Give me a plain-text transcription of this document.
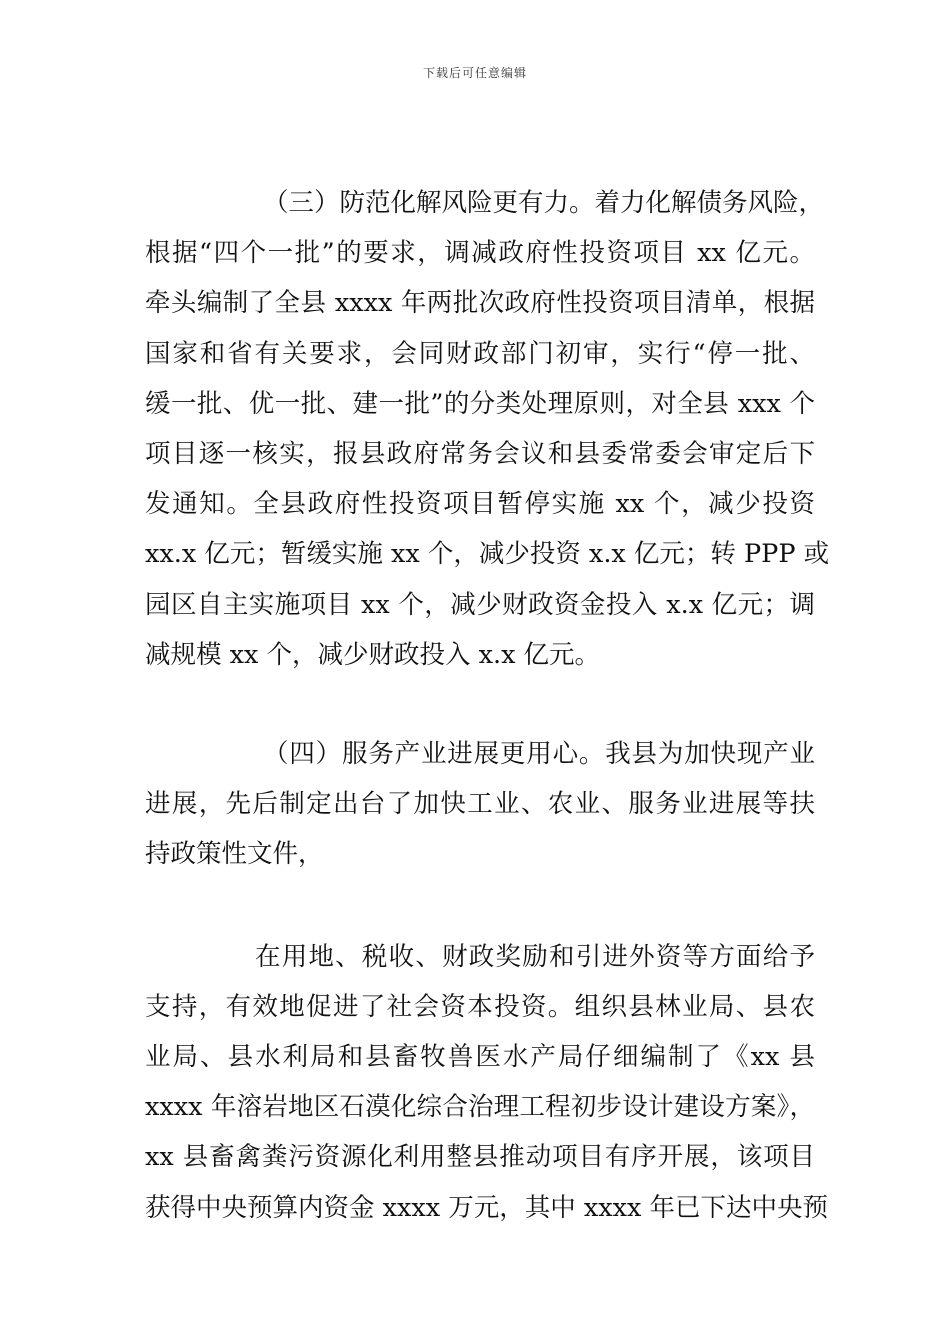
下载后可任意编辑
（三）防范化解风险更有力。着力化解债务风险，
根据“四个一批”的要求，调减政府性投资项目 xx 亿元。
牵头编制了全县 xxxx 年两批次政府性投资项目清单，根据
国家和省有关要求，会同财政部门初审，实行“停一批、
缓一批、优一批、建一批”的分类处理原则，对全县 xxx 个
项目逐一核实，报县政府常务会议和县委常委会审定后下
发通知。全县政府性投资项目暂停实施 xx 个，减少投资
xx.x 亿元；暂缓实施 xx 个，减少投资 x.x 亿元；转 PPP 或
园区自主实施项目 xx 个，减少财政资金投入 x.x 亿元；调
减规模 xx 个，减少财政投入 x.x 亿元。
（四）服务产业进展更用心。我县为加快现产业
进展，先后制定出台了加快工业、农业、服务业进展等扶
持政策性文件，
在用地、税收、财政奖励和引进外资等方面给予
支持，有效地促进了社会资本投资。组织县林业局、县农
业局、县水利局和县畜牧兽医水产局仔细编制了《xx 县
xxxx 年溶岩地区石漠化综合治理工程初步设计建设方案》，
xx 县畜禽粪污资源化利用整县推动项目有序开展，该项目
获得中央预算内资金 xxxx 万元，其中 xxxx 年已下达中央预
